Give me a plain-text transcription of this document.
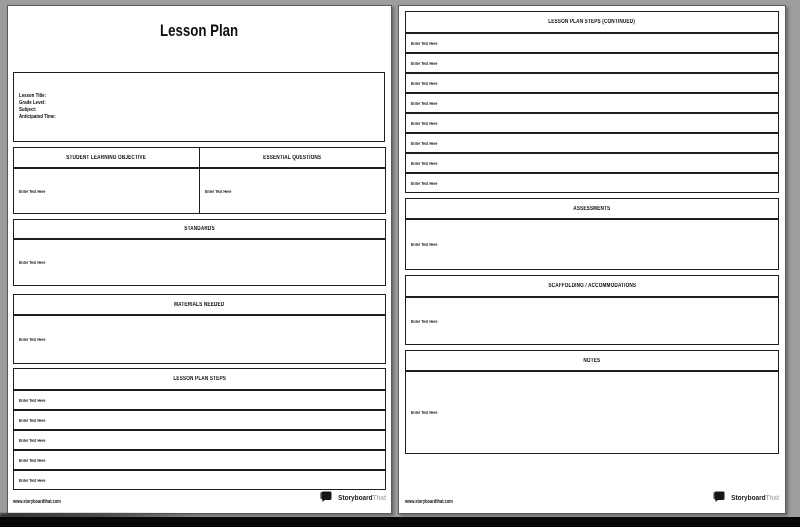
Lesson Plan
Lesson Title:
Grade Level:
Subject:
Anticipated Time:
STUDENT LEARNING OBJECTIVE	ESSENTIAL QUESTIONS
Enter Text Here	Enter Text Here
STANDARDS
Enter Text Here
MATERIALS NEEDED
Enter Text Here
LESSON PLAN STEPS
Enter Text Here
Enter Text Here
Enter Text Here
Enter Text Here
Enter Text Here
www.storyboardthat.com
StoryboardThat
LESSON PLAN STEPS (CONTINUED)
Enter Text Here
Enter Text Here
Enter Text Here
Enter Text Here
Enter Text Here
Enter Text Here
Enter Text Here
Enter Text Here
ASSESSMENTS
Enter Text Here
SCAFFOLDING / ACCOMMODATIONS
Enter Text Here
NOTES
Enter Text Here
www.storyboardthat.com
StoryboardThat
